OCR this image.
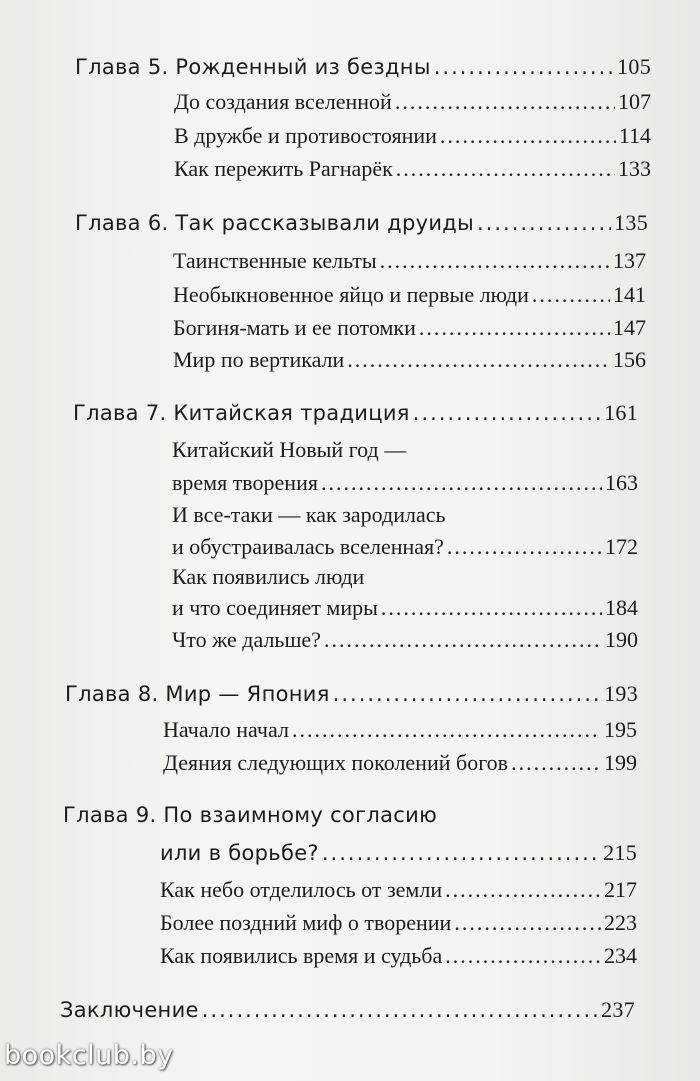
Глава 5. Рожденный из бездны .....	105
До создания вселенной .....	107
В дружбе и противостоянии .....	114
Как пережить Рагнарёк .....	133
Глава 6. Так рассказывали друиды .....	135
Таинственные кельты .....	137
Необыкновенное яйцо и первые люди .....	141
Богиня-мать и ее потомки .....	147
Мир по вертикали .....	156
Глава 7. Китайская традиция .....	161
Китайский Новый год —
время творения .....	163
И все-таки — как зародилась
и обустраивалась вселенная? .....	172
Как появились люди
и что соединяет миры .....	184
Что же дальше? .....	190
Глава 8. Мир — Япония .....	193
Начало начал .....	195
Деяния следующих поколений богов .....	199
Глава 9. По взаимному согласию
или в борьбе? .....	215
Как небо отделилось от земли .....	217
Более поздний миф о творении .....	223
Как появились время и судьба .....	234
Заключение .....	237
bookclub.by
